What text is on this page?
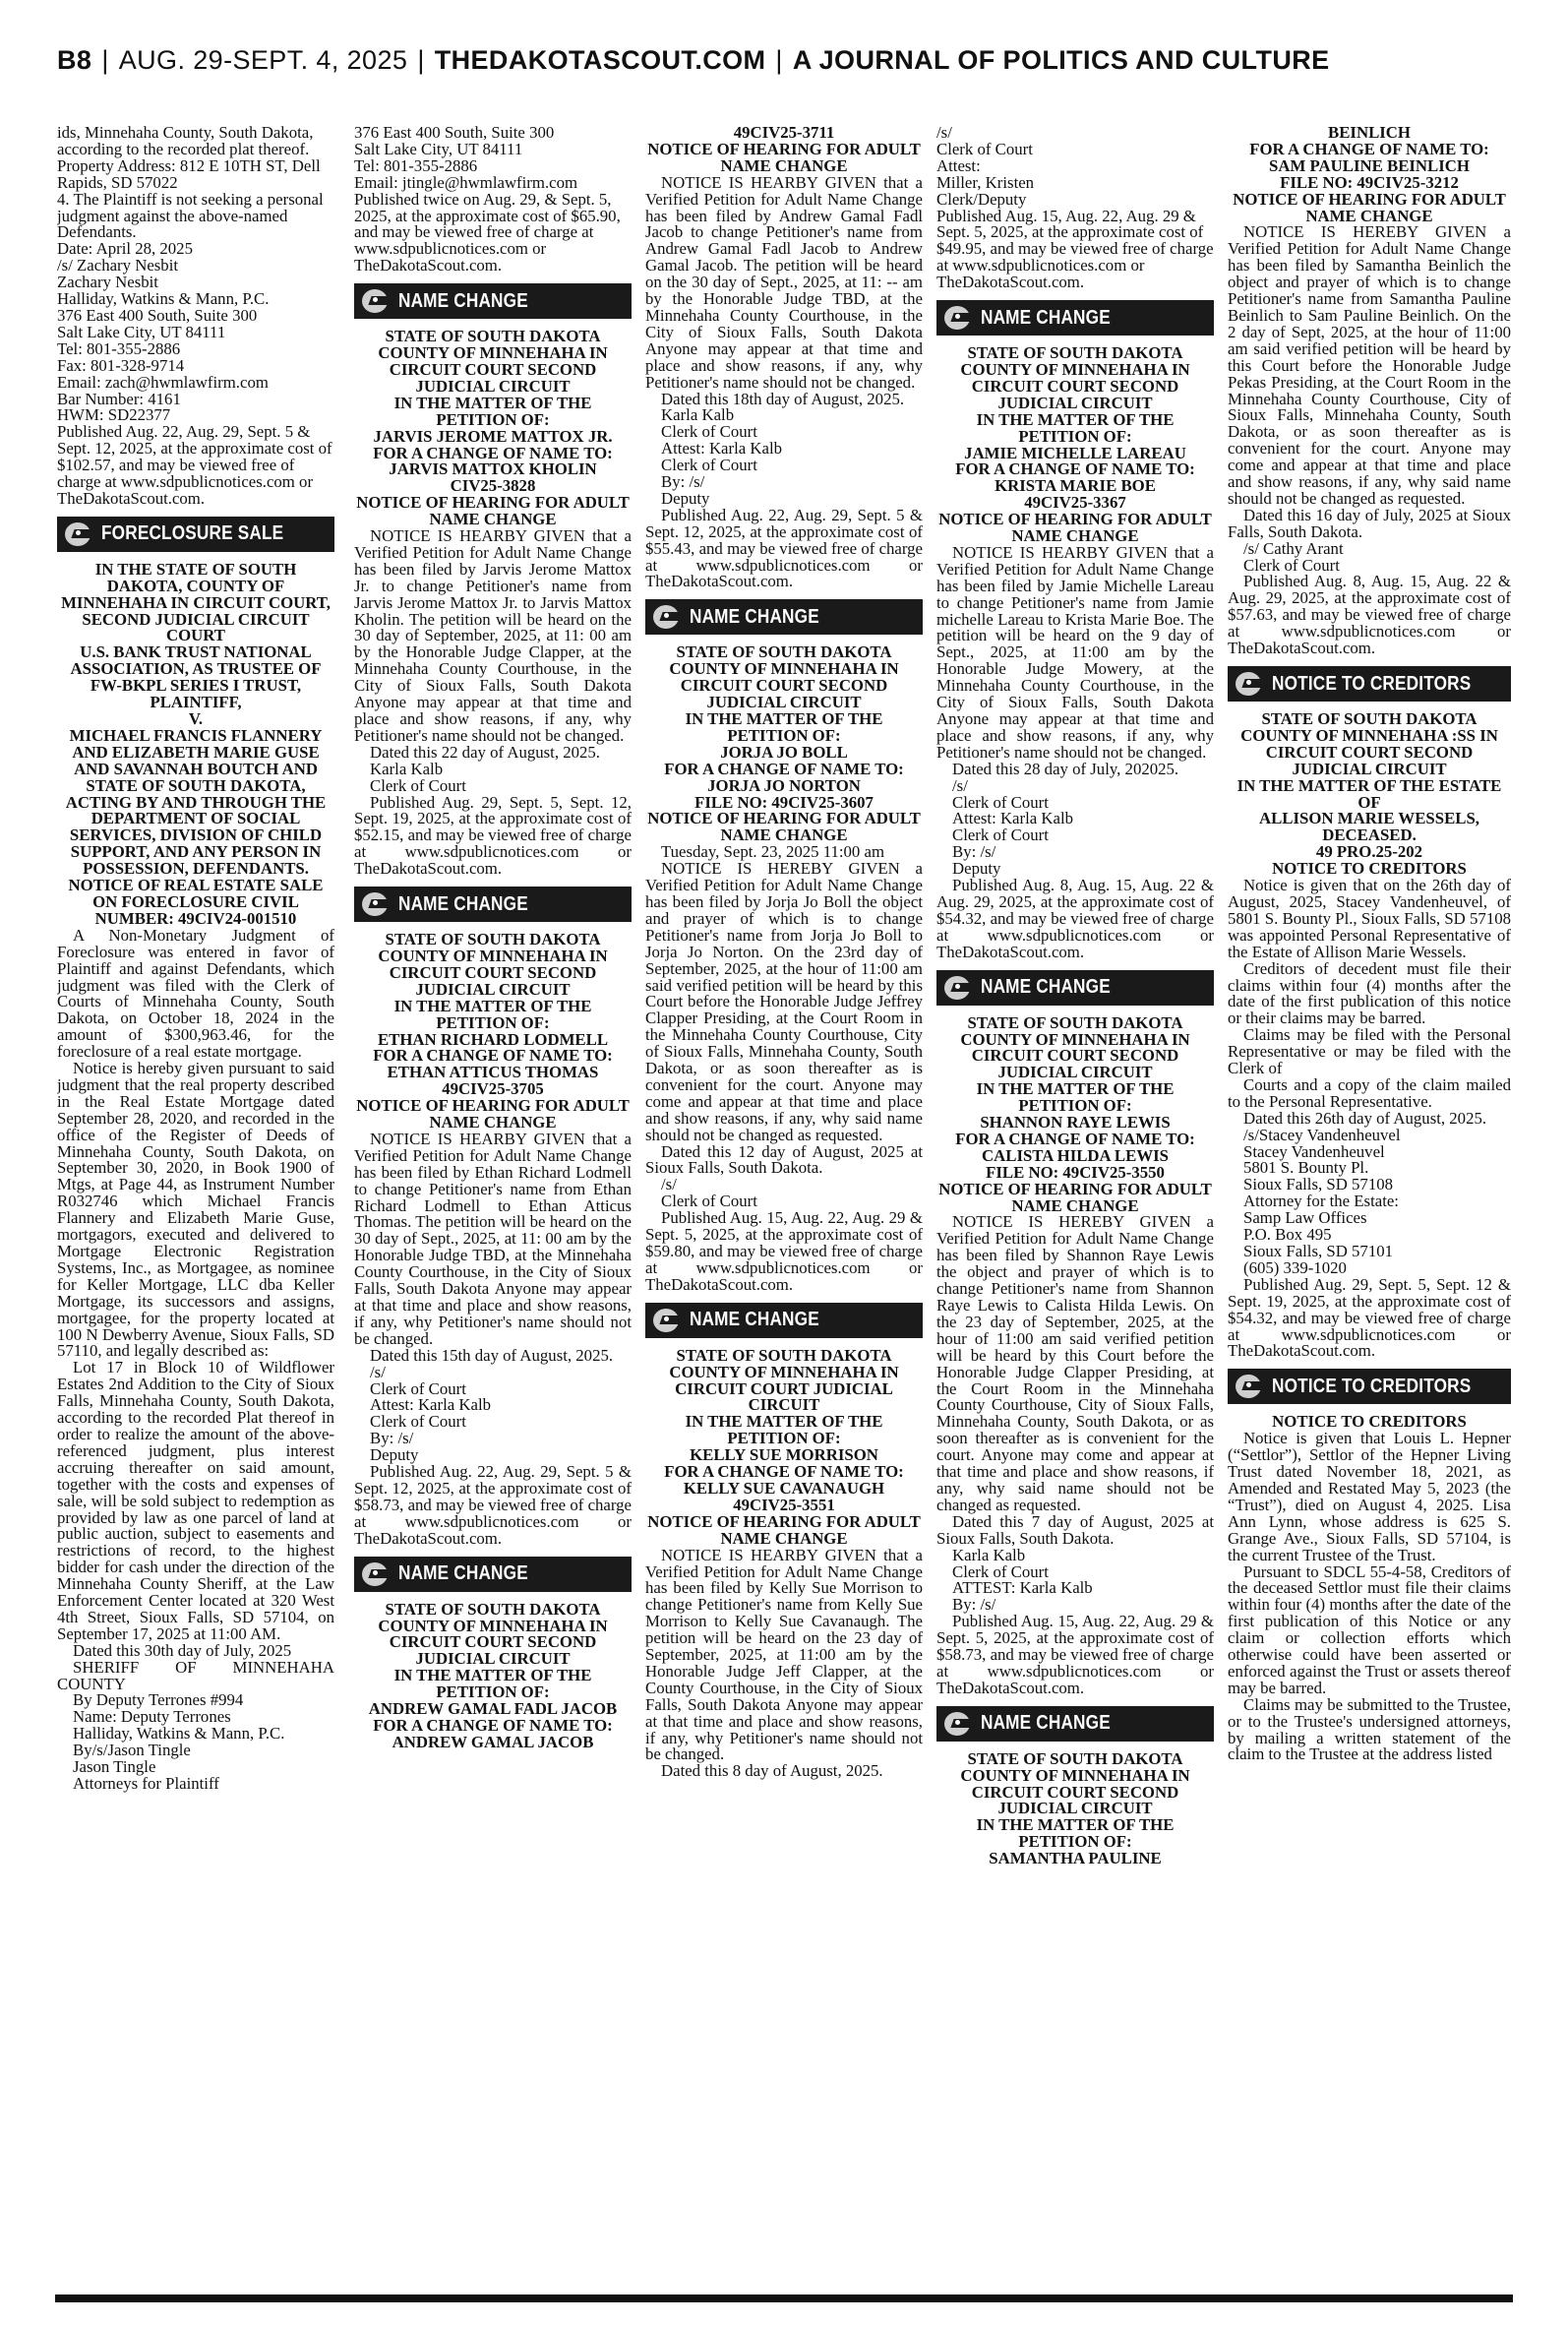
B8 | AUG. 29-SEPT. 4, 2025 | THEDAKOTASCOUT.COM | A JOURNAL OF POLITICS AND CULTURE

ids, Minnehaha County, South Dakota, according to the recorded plat thereof.

Property Address: 812 E 10TH ST, Dell Rapids, SD 57022

4. The Plaintiff is not seeking a personal judgment against the above-named Defendants.

Date: April 28, 2025

/s/ Zachary Nesbit

Zachary Nesbit

Halliday, Watkins & Mann, P.C.

376 East 400 South, Suite 300

Salt Lake City, UT 84111

Tel: 801-355-2886

Fax: 801-328-9714

Email: zach@hwmlawfirm.com

Bar Number: 4161

HWM: SD22377

Published Aug. 22, Aug. 29, Sept. 5 & Sept. 12, 2025, at the approximate cost of $102.57, and may be viewed free of charge at www.sdpublicnotices.com or TheDakotaScout.com.

FORECLOSURE SALE

IN THE STATE OF SOUTH DAKOTA, COUNTY OF MINNEHAHA IN CIRCUIT COURT, SECOND JUDICIAL CIRCUIT COURT

U.S. BANK TRUST NATIONAL ASSOCIATION, AS TRUSTEE OF FW-BKPL SERIES I TRUST, PLAINTIFF,

V.

MICHAEL FRANCIS FLANNERY AND ELIZABETH MARIE GUSE AND SAVANNAH BOUTCH AND STATE OF SOUTH DAKOTA, ACTING BY AND THROUGH THE DEPARTMENT OF SOCIAL SERVICES, DIVISION OF CHILD SUPPORT, AND ANY PERSON IN POSSESSION, DEFENDANTS.

NOTICE OF REAL ESTATE SALE ON FORECLOSURE CIVIL NUMBER: 49CIV24-001510

A Non-Monetary Judgment of Foreclosure was entered in favor of Plaintiff and against Defendants, which judgment was filed with the Clerk of Courts of Minnehaha County, South Dakota, on October 18, 2024 in the amount of $300,963.46, for the foreclosure of a real estate mortgage.

Notice is hereby given pursuant to said judgment that the real property described in the Real Estate Mortgage dated September 28, 2020, and recorded in the office of the Register of Deeds of Minnehaha County, South Dakota, on September 30, 2020, in Book 1900 of Mtgs, at Page 44, as Instrument Number R032746 which Michael Francis Flannery and Elizabeth Marie Guse, mortgagors, executed and delivered to Mortgage Electronic Registration Systems, Inc., as Mortgagee, as nominee for Keller Mortgage, LLC dba Keller Mortgage, its successors and assigns, mortgagee, for the property located at 100 N Dewberry Avenue, Sioux Falls, SD 57110, and legally described as:

Lot 17 in Block 10 of Wildflower Estates 2nd Addition to the City of Sioux Falls, Minnehaha County, South Dakota, according to the recorded Plat thereof in order to realize the amount of the above-referenced judgment, plus interest accruing thereafter on said amount, together with the costs and expenses of sale, will be sold subject to redemption as provided by law as one parcel of land at public auction, subject to easements and restrictions of record, to the highest bidder for cash under the direction of the Minnehaha County Sheriff, at the Law Enforcement Center located at 320 West 4th Street, Sioux Falls, SD 57104, on September 17, 2025 at 11:00 AM.

Dated this 30th day of July, 2025

SHERIFF OF MINNEHAHA COUNTY

By Deputy Terrones #994

Name: Deputy Terrones

Halliday, Watkins & Mann, P.C.

By/s/Jason Tingle

Jason Tingle

Attorneys for Plaintiff

376 East 400 South, Suite 300

Salt Lake City, UT 84111

Tel: 801-355-2886

Email: jtingle@hwmlawfirm.com

Published twice on Aug. 29, & Sept. 5, 2025, at the approximate cost of $65.90, and may be viewed free of charge at www.sdpublicnotices.com or TheDakotaScout.com.

NAME CHANGE

STATE OF SOUTH DAKOTA COUNTY OF MINNEHAHA IN CIRCUIT COURT SECOND JUDICIAL CIRCUIT

IN THE MATTER OF THE PETITION OF:

JARVIS JEROME MATTOX JR.

FOR A CHANGE OF NAME TO: JARVIS MATTOX KHOLIN

CIV25-3828

NOTICE OF HEARING FOR ADULT NAME CHANGE

NOTICE IS HEARBY GIVEN that a Verified Petition for Adult Name Change has been filed by Jarvis Jerome Mattox Jr. to change Petitioner's name from Jarvis Jerome Mattox Jr. to Jarvis Mattox Kholin. The petition will be heard on the 30 day of September, 2025, at 11: 00 am by the Honorable Judge Clapper, at the Minnehaha County Courthouse, in the City of Sioux Falls, South Dakota Anyone may appear at that time and place and show reasons, if any, why Petitioner's name should not be changed.

Dated this 22 day of August, 2025.

Karla Kalb

Clerk of Court

Published Aug. 29, Sept. 5, Sept. 12, Sept. 19, 2025, at the approximate cost of $52.15, and may be viewed free of charge at www.sdpublicnotices.com or TheDakotaScout.com.

NAME CHANGE

STATE OF SOUTH DAKOTA COUNTY OF MINNEHAHA IN CIRCUIT COURT SECOND JUDICIAL CIRCUIT

IN THE MATTER OF THE PETITION OF:

ETHAN RICHARD LODMELL

FOR A CHANGE OF NAME TO: ETHAN ATTICUS THOMAS

49CIV25-3705

NOTICE OF HEARING FOR ADULT NAME CHANGE

NOTICE IS HEARBY GIVEN that a Verified Petition for Adult Name Change has been filed by Ethan Richard Lodmell to change Petitioner's name from Ethan Richard Lodmell to Ethan Atticus Thomas. The petition will be heard on the 30 day of Sept., 2025, at 11: 00 am by the Honorable Judge TBD, at the Minnehaha County Courthouse, in the City of Sioux Falls, South Dakota Anyone may appear at that time and place and show reasons, if any, why Petitioner's name should not be changed.

Dated this 15th day of August, 2025.

/s/

Clerk of Court

Attest: Karla Kalb

Clerk of Court

By: /s/

Deputy

Published Aug. 22, Aug. 29, Sept. 5 & Sept. 12, 2025, at the approximate cost of $58.73, and may be viewed free of charge at www.sdpublicnotices.com or TheDakotaScout.com.

NAME CHANGE

STATE OF SOUTH DAKOTA COUNTY OF MINNEHAHA IN CIRCUIT COURT SECOND JUDICIAL CIRCUIT

IN THE MATTER OF THE PETITION OF:

ANDREW GAMAL FADL JACOB

FOR A CHANGE OF NAME TO: ANDREW GAMAL JACOB

49CIV25-3711

NOTICE OF HEARING FOR ADULT NAME CHANGE

NOTICE IS HEARBY GIVEN that a Verified Petition for Adult Name Change has been filed by Andrew Gamal Fadl Jacob to change Petitioner's name from Andrew Gamal Fadl Jacob to Andrew Gamal Jacob. The petition will be heard on the 30 day of Sept., 2025, at 11: -- am by the Honorable Judge TBD, at the Minnehaha County Courthouse, in the City of Sioux Falls, South Dakota Anyone may appear at that time and place and show reasons, if any, why Petitioner's name should not be changed.

Dated this 18th day of August, 2025.

Karla Kalb

Clerk of Court

Attest: Karla Kalb

Clerk of Court

By: /s/

Deputy

Published Aug. 22, Aug. 29, Sept. 5 & Sept. 12, 2025, at the approximate cost of $55.43, and may be viewed free of charge at www.sdpublicnotices.com or TheDakotaScout.com.

NAME CHANGE

STATE OF SOUTH DAKOTA COUNTY OF MINNEHAHA IN CIRCUIT COURT SECOND JUDICIAL CIRCUIT

IN THE MATTER OF THE PETITION OF:

JORJA JO BOLL

FOR A CHANGE OF NAME TO:

JORJA JO NORTON

FILE NO: 49CIV25-3607

NOTICE OF HEARING FOR ADULT NAME CHANGE

Tuesday, Sept. 23, 2025 11:00 am

NOTICE IS HEREBY GIVEN a Verified Petition for Adult Name Change has been filed by Jorja Jo Boll the object and prayer of which is to change Petitioner's name from Jorja Jo Boll to Jorja Jo Norton. On the 23rd day of September, 2025, at the hour of 11:00 am said verified petition will be heard by this Court before the Honorable Judge Jeffrey Clapper Presiding, at the Court Room in the Minnehaha County Courthouse, City of Sioux Falls, Minnehaha County, South Dakota, or as soon thereafter as is convenient for the court. Anyone may come and appear at that time and place and show reasons, if any, why said name should not be changed as requested.

Dated this 12 day of August, 2025 at Sioux Falls, South Dakota.

/s/

Clerk of Court

Published Aug. 15, Aug. 22, Aug. 29 & Sept. 5, 2025, at the approximate cost of $59.80, and may be viewed free of charge at www.sdpublicnotices.com or TheDakotaScout.com.

NAME CHANGE

STATE OF SOUTH DAKOTA COUNTY OF MINNEHAHA IN CIRCUIT COURT JUDICIAL CIRCUIT

IN THE MATTER OF THE PETITION OF:

KELLY SUE MORRISON

FOR A CHANGE OF NAME TO: KELLY SUE CAVANAUGH

49CIV25-3551

NOTICE OF HEARING FOR ADULT NAME CHANGE

NOTICE IS HEARBY GIVEN that a Verified Petition for Adult Name Change has been filed by Kelly Sue Morrison to change Petitioner's name from Kelly Sue Morrison to Kelly Sue Cavanaugh. The petition will be heard on the 23 day of September, 2025, at 11:00 am by the Honorable Judge Jeff Clapper, at the County Courthouse, in the City of Sioux Falls, South Dakota Anyone may appear at that time and place and show reasons, if any, why Petitioner's name should not be changed.

Dated this 8 day of August, 2025.

/s/

Clerk of Court

Attest:

Miller, Kristen

Clerk/Deputy

Published Aug. 15, Aug. 22, Aug. 29 & Sept. 5, 2025, at the approximate cost of $49.95, and may be viewed free of charge at www.sdpublicnotices.com or TheDakotaScout.com.

NAME CHANGE

STATE OF SOUTH DAKOTA COUNTY OF MINNEHAHA IN CIRCUIT COURT SECOND JUDICIAL CIRCUIT

IN THE MATTER OF THE PETITION OF:

JAMIE MICHELLE LAREAU

FOR A CHANGE OF NAME TO: KRISTA MARIE BOE

49CIV25-3367

NOTICE OF HEARING FOR ADULT NAME CHANGE

NOTICE IS HEARBY GIVEN that a Verified Petition for Adult Name Change has been filed by Jamie Michelle Lareau to change Petitioner's name from Jamie michelle Lareau to Krista Marie Boe. The petition will be heard on the 9 day of Sept., 2025, at 11:00 am by the Honorable Judge Mowery, at the Minnehaha County Courthouse, in the City of Sioux Falls, South Dakota Anyone may appear at that time and place and show reasons, if any, why Petitioner's name should not be changed.

Dated this 28 day of July, 202025.

/s/

Clerk of Court

Attest: Karla Kalb

Clerk of Court

By: /s/

Deputy

Published Aug. 8, Aug. 15, Aug. 22 & Aug. 29, 2025, at the approximate cost of $54.32, and may be viewed free of charge at www.sdpublicnotices.com or TheDakotaScout.com.

NAME CHANGE

STATE OF SOUTH DAKOTA COUNTY OF MINNEHAHA IN CIRCUIT COURT SECOND JUDICIAL CIRCUIT

IN THE MATTER OF THE PETITION OF:

SHANNON RAYE LEWIS

FOR A CHANGE OF NAME TO:

CALISTA HILDA LEWIS

FILE NO: 49CIV25-3550

NOTICE OF HEARING FOR ADULT NAME CHANGE

NOTICE IS HEREBY GIVEN a Verified Petition for Adult Name Change has been filed by Shannon Raye Lewis the object and prayer of which is to change Petitioner's name from Shannon Raye Lewis to Calista Hilda Lewis. On the 23 day of September, 2025, at the hour of 11:00 am said verified petition will be heard by this Court before the Honorable Judge Clapper Presiding, at the Court Room in the Minnehaha County Courthouse, City of Sioux Falls, Minnehaha County, South Dakota, or as soon thereafter as is convenient for the court. Anyone may come and appear at that time and place and show reasons, if any, why said name should not be changed as requested.

Dated this 7 day of August, 2025 at Sioux Falls, South Dakota.

Karla Kalb

Clerk of Court

ATTEST: Karla Kalb

By: /s/

Published Aug. 15, Aug. 22, Aug. 29 & Sept. 5, 2025, at the approximate cost of $58.73, and may be viewed free of charge at www.sdpublicnotices.com or TheDakotaScout.com.

NAME CHANGE

STATE OF SOUTH DAKOTA COUNTY OF MINNEHAHA IN CIRCUIT COURT SECOND JUDICIAL CIRCUIT

IN THE MATTER OF THE PETITION OF:

SAMANTHA PAULINE

BEINLICH

FOR A CHANGE OF NAME TO:

SAM PAULINE BEINLICH

FILE NO: 49CIV25-3212

NOTICE OF HEARING FOR ADULT NAME CHANGE

NOTICE IS HEREBY GIVEN a Verified Petition for Adult Name Change has been filed by Samantha Beinlich the object and prayer of which is to change Petitioner's name from Samantha Pauline Beinlich to Sam Pauline Beinlich. On the 2 day of Sept, 2025, at the hour of 11:00 am said verified petition will be heard by this Court before the Honorable Judge Pekas Presiding, at the Court Room in the Minnehaha County Courthouse, City of Sioux Falls, Minnehaha County, South Dakota, or as soon thereafter as is convenient for the court. Anyone may come and appear at that time and place and show reasons, if any, why said name should not be changed as requested.

Dated this 16 day of July, 2025 at Sioux Falls, South Dakota.

/s/ Cathy Arant

Clerk of Court

Published Aug. 8, Aug. 15, Aug. 22 & Aug. 29, 2025, at the approximate cost of $57.63, and may be viewed free of charge at www.sdpublicnotices.com or TheDakotaScout.com.

NOTICE TO CREDITORS

STATE OF SOUTH DAKOTA COUNTY OF MINNEHAHA :SS IN CIRCUIT COURT SECOND JUDICIAL CIRCUIT

IN THE MATTER OF THE ESTATE OF

ALLISON MARIE WESSELS, DECEASED.

49 PRO.25-202

NOTICE TO CREDITORS

Notice is given that on the 26th day of August, 2025, Stacey Vandenheuvel, of 5801 S. Bounty Pl., Sioux Falls, SD 57108 was appointed Personal Representative of the Estate of Allison Marie Wessels.

Creditors of decedent must file their claims within four (4) months after the date of the first publication of this notice or their claims may be barred.

Claims may be filed with the Personal Representative or may be filed with the Clerk of

Courts and a copy of the claim mailed to the Personal Representative.

Dated this 26th day of August, 2025.

/s/Stacey Vandenheuvel

Stacey Vandenheuvel

5801 S. Bounty Pl.

Sioux Falls, SD 57108

Attorney for the Estate:

Samp Law Offices

P.O. Box 495

Sioux Falls, SD 57101

(605) 339-1020

Published Aug. 29, Sept. 5, Sept. 12 & Sept. 19, 2025, at the approximate cost of $54.32, and may be viewed free of charge at www.sdpublicnotices.com or TheDakotaScout.com.

NOTICE TO CREDITORS

NOTICE TO CREDITORS

Notice is given that Louis L. Hepner (“Settlor”), Settlor of the Hepner Living Trust dated November 18, 2021, as Amended and Restated May 5, 2023 (the “Trust”), died on August 4, 2025. Lisa Ann Lynn, whose address is 625 S. Grange Ave., Sioux Falls, SD 57104, is the current Trustee of the Trust.

Pursuant to SDCL 55-4-58, Creditors of the deceased Settlor must file their claims within four (4) months after the date of the first publication of this Notice or any claim or collection efforts which otherwise could have been asserted or enforced against the Trust or assets thereof may be barred.

Claims may be submitted to the Trustee, or to the Trustee's undersigned attorneys, by mailing a written statement of the claim to the Trustee at the address listed
